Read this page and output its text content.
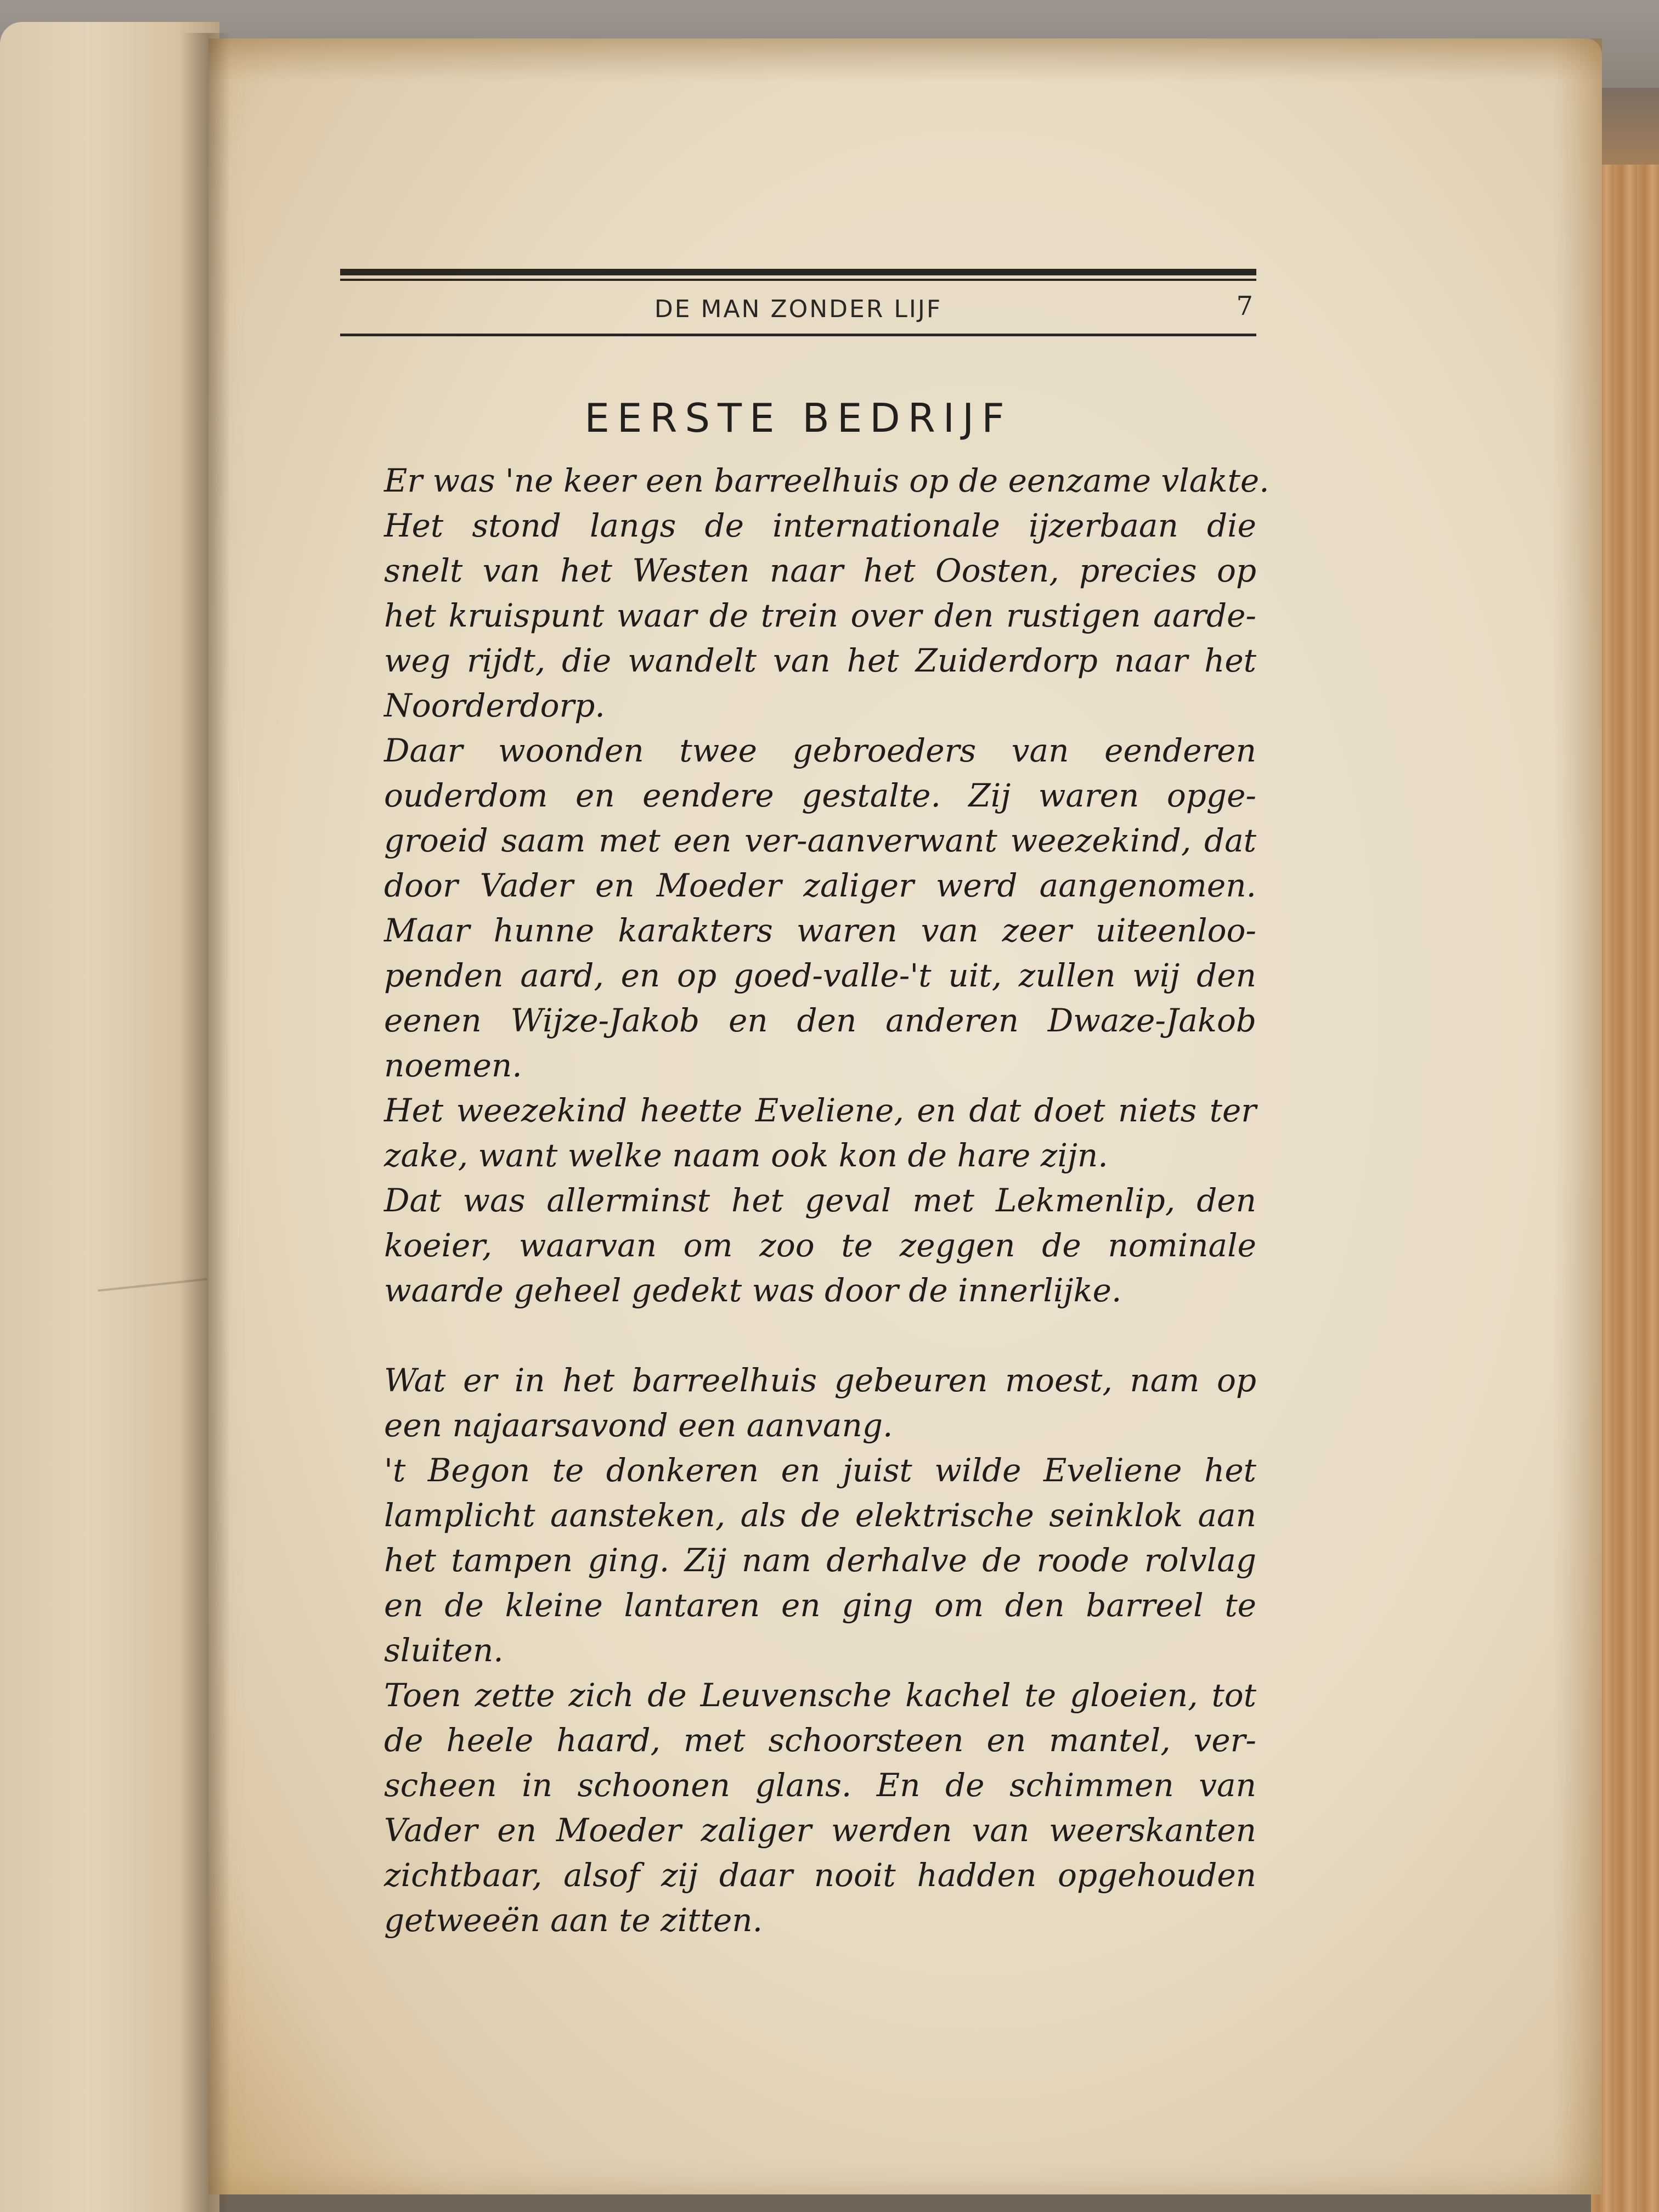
DE MAN ZONDER LIJF	7
EERSTE BEDRIJF
Er was 'ne keer een barreelhuis op de eenzame vlakte.
Het stond langs de internationale ijzerbaan die
snelt van het Westen naar het Oosten, precies op
het kruispunt waar de trein over den rustigen aarde-
weg rijdt, die wandelt van het Zuiderdorp naar het
Noorderdorp.
Daar woonden twee gebroeders van eenderen
ouderdom en eendere gestalte. Zij waren opge-
groeid saam met een ver-aanverwant weezekind, dat
door Vader en Moeder zaliger werd aangenomen.
Maar hunne karakters waren van zeer uiteenloo-
penden aard, en op goed-valle-'t uit, zullen wij den
eenen Wijze-Jakob en den anderen Dwaze-Jakob
noemen.
Het weezekind heette Eveliene, en dat doet niets ter
zake, want welke naam ook kon de hare zijn.
Dat was allerminst het geval met Lekmenlip, den
koeier, waarvan om zoo te zeggen de nominale
waarde geheel gedekt was door de innerlijke.
Wat er in het barreelhuis gebeuren moest, nam op
een najaarsavond een aanvang.
't Begon te donkeren en juist wilde Eveliene het
lamplicht aansteken, als de elektrische seinklok aan
het tampen ging. Zij nam derhalve de roode rolvlag
en de kleine lantaren en ging om den barreel te
sluiten.
Toen zette zich de Leuvensche kachel te gloeien, tot
de heele haard, met schoorsteen en mantel, ver-
scheen in schoonen glans. En de schimmen van
Vader en Moeder zaliger werden van weerskanten
zichtbaar, alsof zij daar nooit hadden opgehouden
getweeën aan te zitten.
